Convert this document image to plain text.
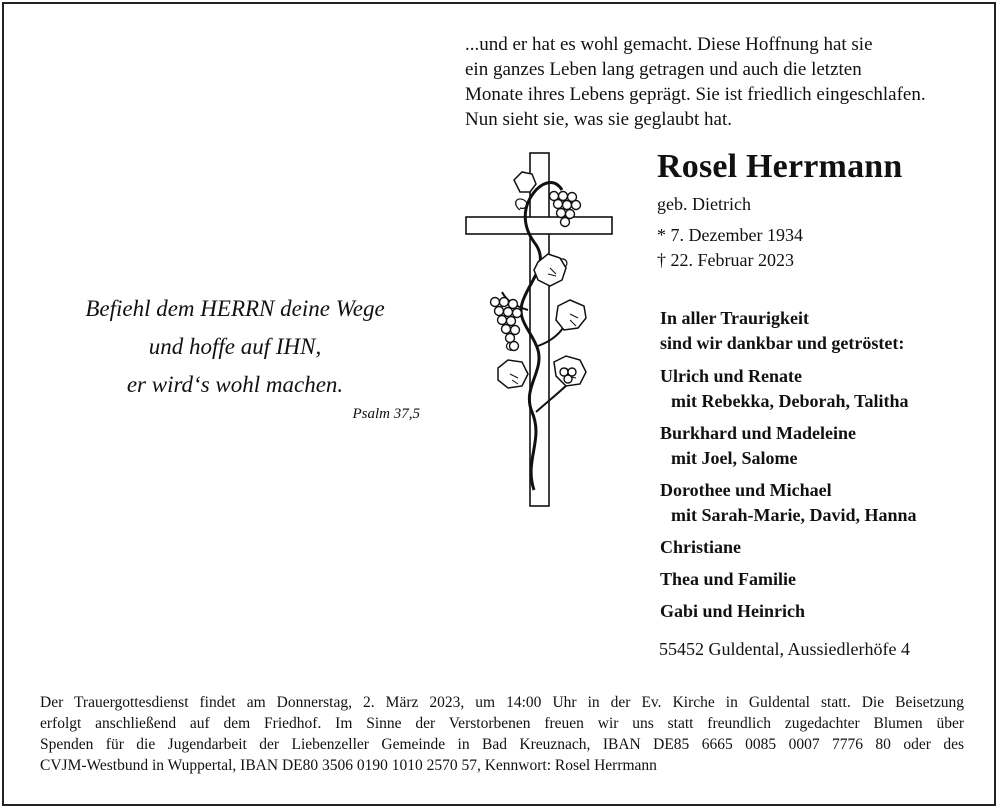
...und er hat es wohl gemacht. Diese Hoffnung hat sie
ein ganzes Leben lang getragen und auch die letzten
Monate ihres Lebens geprägt. Sie ist friedlich eingeschlafen.
Nun sieht sie, was sie geglaubt hat.
Rosel Herrmann
geb. Dietrich
* 7. Dezember 1934
† 22. Februar 2023
Befiehl dem HERRN deine Wege
und hoffe auf IHN,
er wird‘s wohl machen.
Psalm 37,5
In aller Traurigkeit
sind wir dankbar und getröstet:
Ulrich und Renate
mit Rebekka, Deborah, Talitha
Burkhard und Madeleine
mit Joel, Salome
Dorothee und Michael
mit Sarah-Marie, David, Hanna
Christiane
Thea und Familie
Gabi und Heinrich
55452 Guldental, Aussiedlerhöfe 4
Der Trauergottesdienst findet am Donnerstag, 2. März 2023, um 14:00 Uhr in der Ev. Kirche in Guldental statt. Die Beisetzung
erfolgt anschließend auf dem Friedhof. Im Sinne der Verstorbenen freuen wir uns statt freundlich zugedachter Blumen über
Spenden für die Jugendarbeit der Liebenzeller Gemeinde in Bad Kreuznach, IBAN DE85 6665 0085 0007 7776 80 oder des
CVJM-Westbund in Wuppertal, IBAN DE80 3506 0190 1010 2570 57, Kennwort: Rosel Herrmann
